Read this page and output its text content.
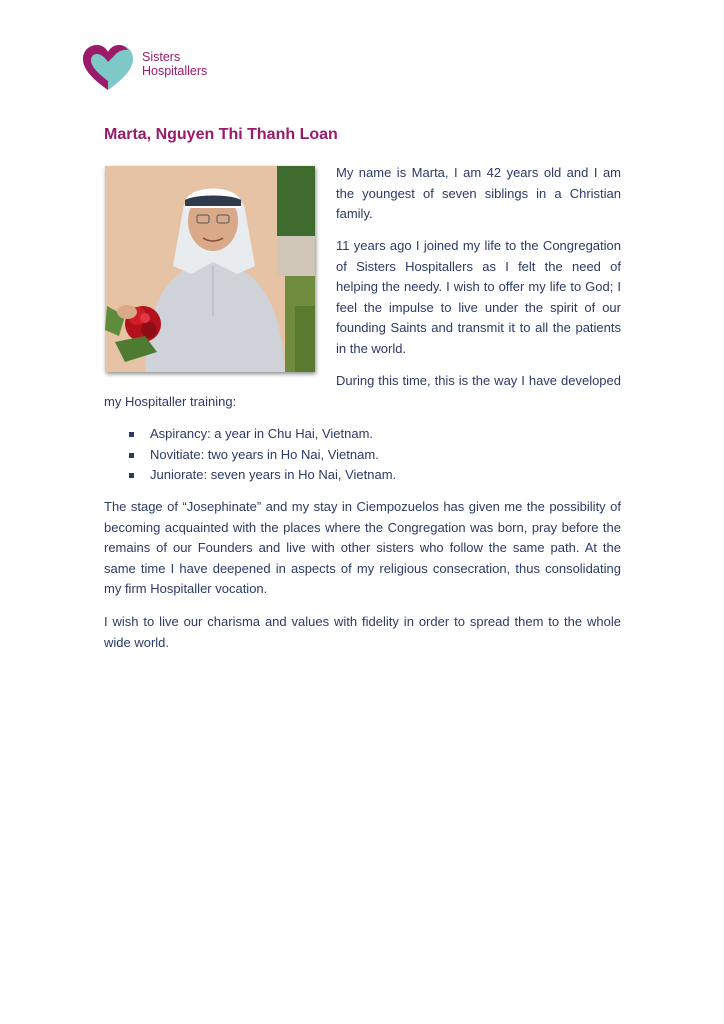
Sisters
Hospitallers
Marta, Nguyen Thi Thanh Loan

My name is Marta, I am 42 years old and I am the youngest of seven siblings in a Christian family.

11 years ago I joined my life to the Congregation of Sisters Hospitallers as I felt the need of helping the needy. I wish to offer my life to God; I feel the impulse to live under the spirit of our founding Saints and transmit it to all the patients in the world.

During this time, this is the way I have developed my Hospitaller training:

Aspirancy: a year in Chu Hai, Vietnam.
Novitiate: two years in Ho Nai, Vietnam.
Juniorate: seven years in Ho Nai, Vietnam.

The stage of “Josephinate” and my stay in Ciempozuelos has given me the possibility of becoming acquainted with the places where the Congregation was born, pray before the remains of our Founders and live with other sisters who follow the same path. At the same time I have deepened in aspects of my religious consecration, thus consolidating my firm Hospitaller vocation.

I wish to live our charisma and values with fidelity in order to spread them to the whole wide world.
